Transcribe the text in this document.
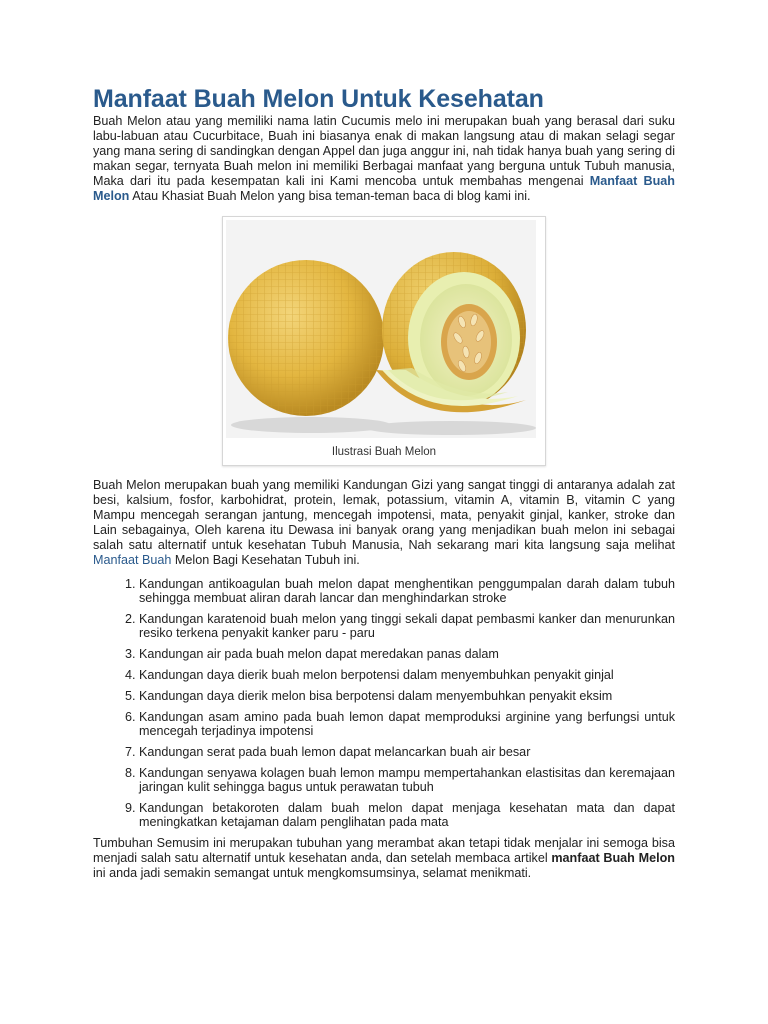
Manfaat Buah Melon Untuk Kesehatan

Buah Melon atau yang memiliki nama latin Cucumis melo ini merupakan buah yang berasal dari suku labu-labuan atau Cucurbitace, Buah ini biasanya enak di makan langsung atau di makan selagi segar yang mana sering di sandingkan dengan Appel dan juga anggur ini, nah tidak hanya buah yang sering di makan segar, ternyata Buah melon ini memiliki Berbagai manfaat yang berguna untuk Tubuh manusia, Maka dari itu pada kesempatan kali ini Kami mencoba untuk membahas mengenai Manfaat Buah Melon Atau Khasiat Buah Melon yang bisa teman-teman baca di blog kami ini.

Ilustrasi Buah Melon

Buah Melon merupakan buah yang memiliki Kandungan Gizi yang sangat tinggi di antaranya adalah zat besi, kalsium, fosfor, karbohidrat, protein, lemak, potassium, vitamin A, vitamin B, vitamin C yang Mampu mencegah serangan jantung, mencegah impotensi, mata, penyakit ginjal, kanker, stroke dan Lain sebagainya, Oleh karena itu Dewasa ini banyak orang yang menjadikan buah melon ini sebagai salah satu alternatif untuk kesehatan Tubuh Manusia, Nah sekarang mari kita langsung saja melihat Manfaat Buah Melon Bagi Kesehatan Tubuh ini.

1. Kandungan antikoagulan buah melon dapat menghentikan penggumpalan darah dalam tubuh sehingga membuat aliran darah lancar dan menghindarkan stroke
2. Kandungan karatenoid buah melon yang tinggi sekali dapat pembasmi kanker dan menurunkan resiko terkena penyakit kanker paru - paru
3. Kandungan air pada buah melon dapat meredakan panas dalam
4. Kandungan daya dierik buah melon berpotensi dalam menyembuhkan penyakit ginjal
5. Kandungan daya dierik melon bisa berpotensi dalam menyembuhkan penyakit eksim
6. Kandungan asam amino pada buah lemon dapat memproduksi arginine yang berfungsi untuk mencegah terjadinya impotensi
7. Kandungan serat pada buah lemon dapat melancarkan buah air besar
8. Kandungan senyawa kolagen buah lemon mampu mempertahankan elastisitas dan keremajaan jaringan kulit sehingga bagus untuk perawatan tubuh
9. Kandungan betakoroten dalam buah melon dapat menjaga kesehatan mata dan dapat meningkatkan ketajaman dalam penglihatan pada mata

Tumbuhan Semusim ini merupakan tubuhan yang merambat akan tetapi tidak menjalar ini semoga bisa menjadi salah satu alternatif untuk kesehatan anda, dan setelah membaca artikel manfaat Buah Melon ini anda jadi semakin semangat untuk mengkomsumsinya, selamat menikmati.
